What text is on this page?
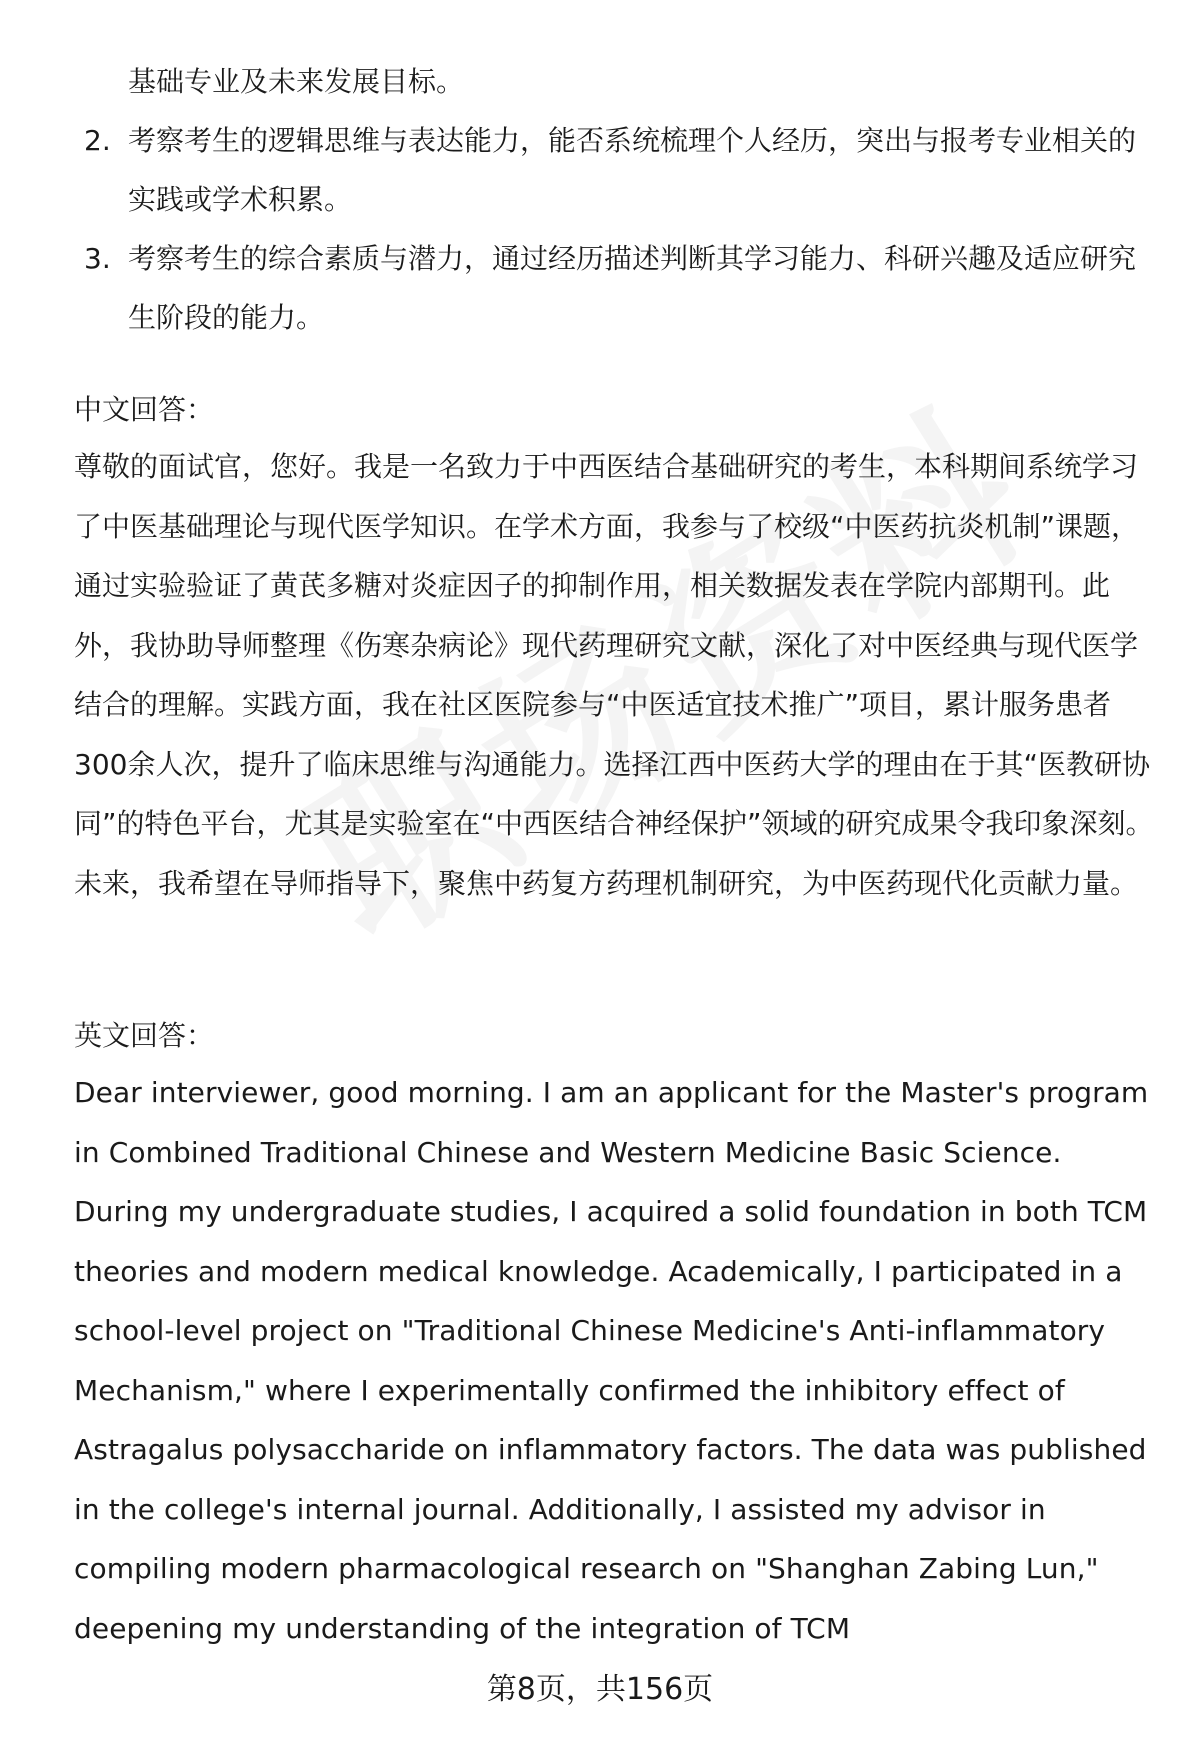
基础专业及未来发展目标。
2. 考察考生的逻辑思维与表达能力，能否系统梳理个人经历，突出与报考专业相关的实践或学术积累。
3. 考察考生的综合素质与潜力，通过经历描述判断其学习能力、科研兴趣及适应研究生阶段的能力。
中文回答：

尊敬的面试官，您好。我是一名致力于中西医结合基础研究的考生，本科期间系统学习了中医基础理论与现代医学知识。在学术方面，我参与了校级“中医药抗炎机制”课题，通过实验验证了黄芪多糖对炎症因子的抑制作用，相关数据发表在学院内部期刊。此外，我协助导师整理《伤寒杂病论》现代药理研究文献，深化了对中医经典与现代医学结合的理解。实践方面，我在社区医院参与“中医适宜技术推广”项目，累计服务患者300余人次，提升了临床思维与沟通能力。选择江西中医药大学的理由在于其“医教研协同”的特色平台，尤其是实验室在“中西医结合神经保护”领域的研究成果令我印象深刻。未来，我希望在导师指导下，聚焦中药复方药理机制研究，为中医药现代化贡献力量。

英文回答：

Dear interviewer, good morning. I am an applicant for the Master's program in Combined Traditional Chinese and Western Medicine Basic Science. During my undergraduate studies, I acquired a solid foundation in both TCM theories and modern medical knowledge. Academically, I participated in a school-level project on "Traditional Chinese Medicine's Anti-inflammatory Mechanism," where I experimentally confirmed the inhibitory effect of Astragalus polysaccharide on inflammatory factors. The data was published in the college's internal journal. Additionally, I assisted my advisor in compiling modern pharmacological research on "Shanghan Zabing Lun," deepening my understanding of the integration of TCM

第8页，共156页
